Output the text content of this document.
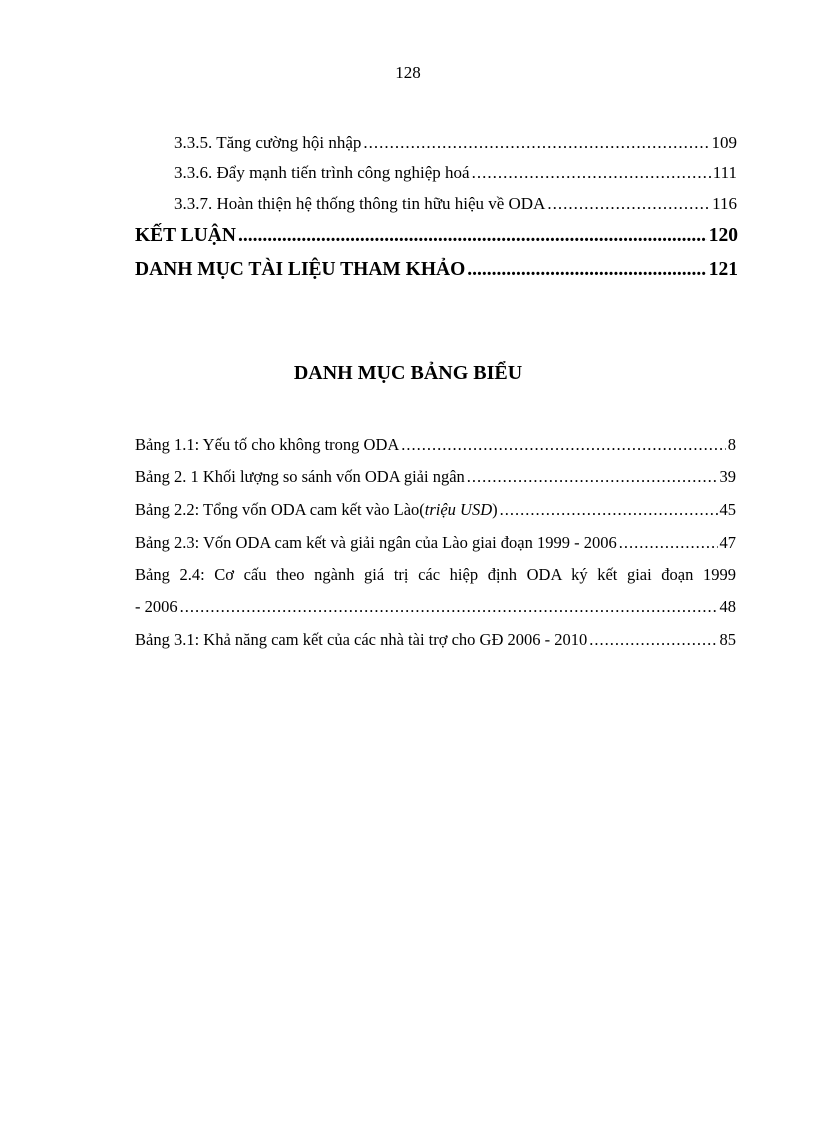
128
3.3.5. Tăng cường hội nhập .....	109
3.3.6. Đẩy mạnh tiến trình công nghiệp hoá .....	111
3.3.7. Hoàn thiện hệ thống thông tin hữu hiệu về ODA .....	116
KẾT LUẬN .....	120
DANH MỤC TÀI LIỆU THAM KHẢO .....	121
DANH MỤC BẢNG BIỂU
Bảng 1.1: Yếu tố cho không trong ODA .....	8
Bảng 2. 1 Khối lượng so sánh vốn ODA giải ngân .....	39
Bảng 2.2: Tổng vốn ODA cam kết vào Lào(triệu USD) .....	45
Bảng 2.3: Vốn ODA cam kết và giải ngân của Lào giai đoạn 1999 - 2006 .....	47
Bảng 2.4: Cơ cấu theo ngành giá trị các hiệp định ODA ký kết giai đoạn 1999
- 2006 .....	48
Bảng 3.1: Khả năng cam kết của các nhà tài trợ cho GĐ 2006 - 2010 .....	85
